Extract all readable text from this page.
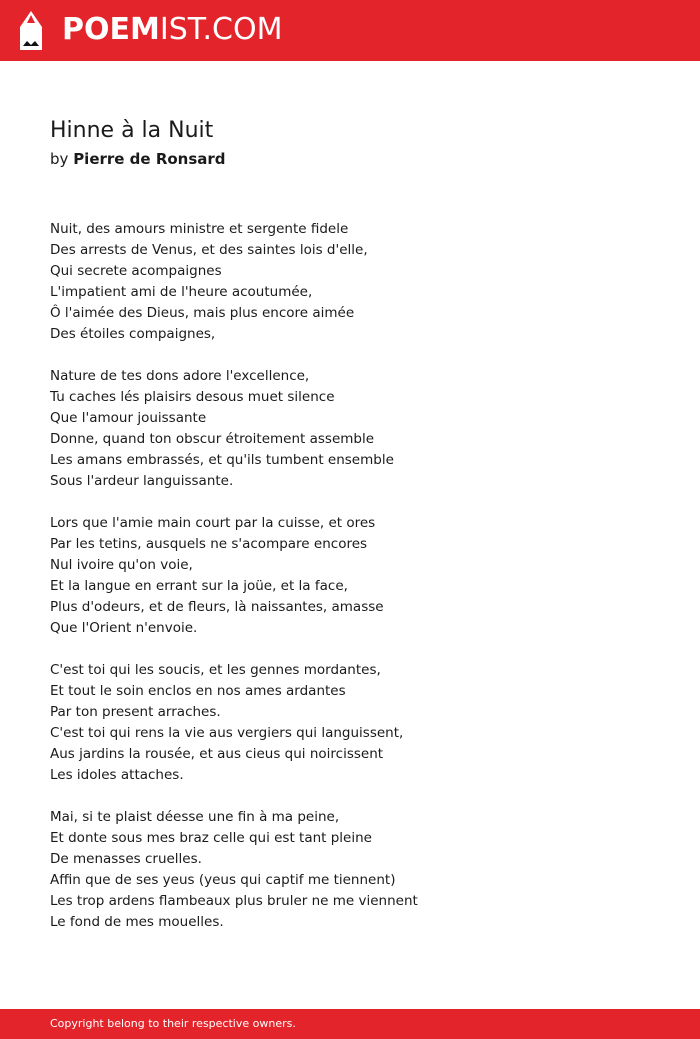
POEMIST.COM
Hinne à la Nuit
by Pierre de Ronsard
Nuit, des amours ministre et sergente fidele
Des arrests de Venus, et des saintes lois d'elle,
Qui secrete acompaignes
L'impatient ami de l'heure acoutumée,
Ô l'aimée des Dieus, mais plus encore aimée
Des étoiles compaignes,
Nature de tes dons adore l'excellence,
Tu caches lés plaisirs desous muet silence
Que l'amour jouissante
Donne, quand ton obscur étroitement assemble
Les amans embrassés, et qu'ils tumbent ensemble
Sous l'ardeur languissante.
Lors que l'amie main court par la cuisse, et ores
Par les tetins, ausquels ne s'acompare encores
Nul ivoire qu'on voie,
Et la langue en errant sur la joüe, et la face,
Plus d'odeurs, et de fleurs, là naissantes, amasse
Que l'Orient n'envoie.
C'est toi qui les soucis, et les gennes mordantes,
Et tout le soin enclos en nos ames ardantes
Par ton present arraches.
C'est toi qui rens la vie aus vergiers qui languissent,
Aus jardins la rousée, et aus cieus qui noircissent
Les idoles attaches.
Mai, si te plaist déesse une fin à ma peine,
Et donte sous mes braz celle qui est tant pleine
De menasses cruelles.
Affin que de ses yeus (yeus qui captif me tiennent)
Les trop ardens flambeaux plus bruler ne me viennent
Le fond de mes mouelles.
Copyright belong to their respective owners.
